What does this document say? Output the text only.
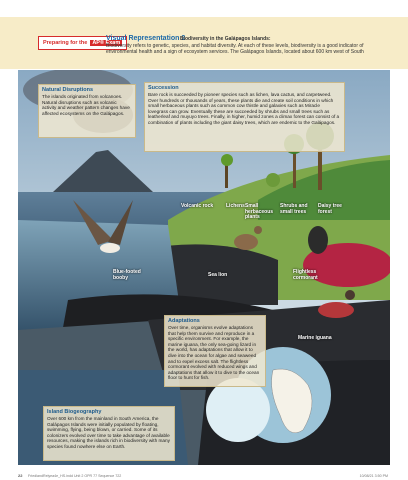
Preparing for the AP® Exam
Visual Representation 2
Biodiversity in the Galápagos Islands:
Biodiversity refers to genetic, species, and habitat diversity. At each of these levels, biodiversity is a good indicator of environmental health and a sign of ecosystem services. The Galápagos Islands, located about 600 km west of South

Natural Disruptions

The islands originated from volcanoes. Natural disruptions such as volcanic activity and weather pattern changes have affected ecosystems on the Galápagos.

Succession

Bare rock is succeeded by pioneer species such as lichen, lava cactus, and carpetweed. Over hundreds or thousands of years, these plants die and create soil conditions in which small herbaceous plants such as common cow thistle and galaxies such as Miracle lovegrass can grow. Eventually these are succeeded by shrubs and small trees such as leatherleaf and muyuyo trees. Finally, in higher, humid zones a climax forest can consist of a combination of plants including the giant daisy trees, which are endemic to the Galápagos.

Volcanic rock	Lichens Small herbaceous plants
Shrubs and small trees
Daisy tree forest
Blue-footed booby	Sea lion	Flightless cormorant
Marine iguana

Adaptations

Over time, organisms evolve adaptations that help them survive and reproduce in a specific environment. For example, the marine iguana, the only sea-going lizard in the world, has adaptations that allow it to dive into the ocean for algae and seaweed and to expel excess salt. The flightless cormorant evolved with reduced wings and adaptations that allow it to dive to the ocean floor to hunt for fish.

Island Biogeography

Over 600 km from the mainland in South America, the Galápagos Islands were initially populated by floating, swimming, flying, being blown, or carried. Some of its colonizers evolved over time to take advantage of available resources, making the islands rich in biodiversity with many species found nowhere else on Earth.

22 FriedlandRelyea4e_HS.indd Unit 2 OPR 77 Sequence 722	10/08/21 3:50 PM
